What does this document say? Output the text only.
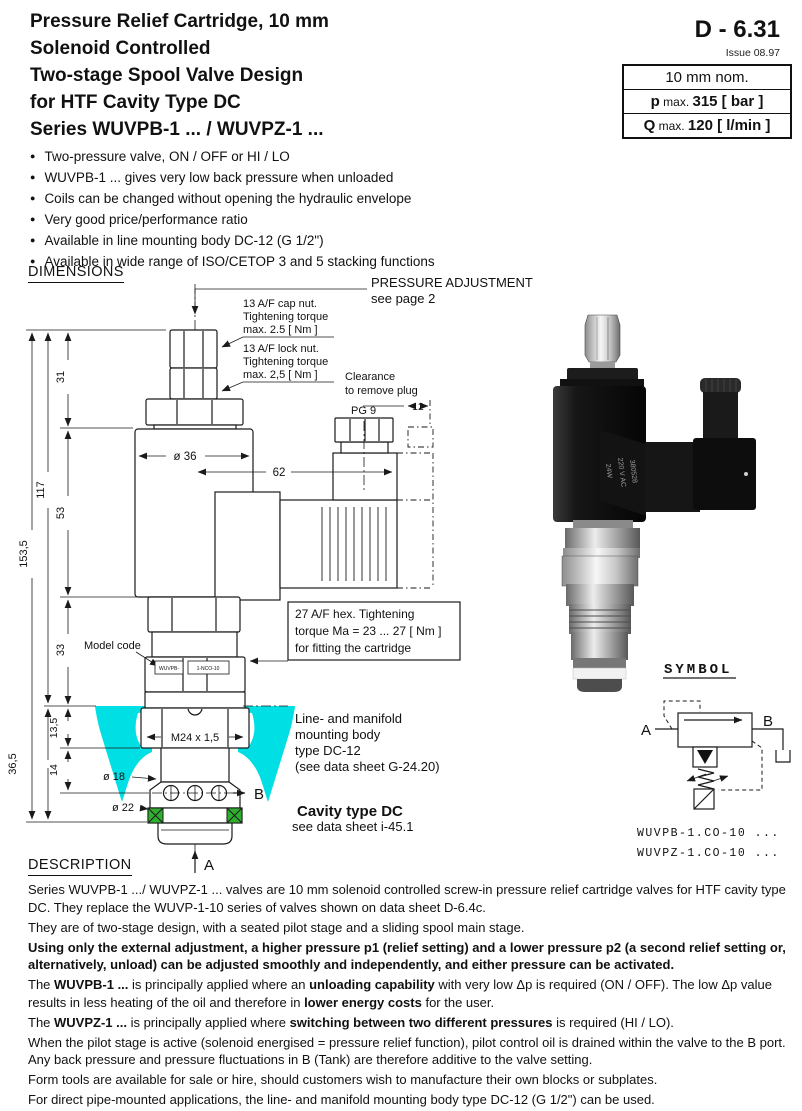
Pressure Relief Cartridge, 10 mm
Solenoid Controlled
Two-stage Spool Valve Design
for HTF Cavity Type DC
Series WUVPB-1 ... / WUVPZ-1 ...
D - 6.31
Issue 08.97
10 mm nom.
p max. 315 [ bar ]
Q max. 120 [ l/min ]
● Two-pressure valve, ON / OFF or HI / LO
● WUVPB-1 ... gives very low back pressure when unloaded
● Coils can be changed without opening the hydraulic envelope
● Very good price/performance ratio
● Available in line mounting body DC-12 (G 1/2")
● Available in wide range of ISO/CETOP 3 and 5 stacking functions
DIMENSIONS
PRESSURE ADJUSTMENT
see page 2
ø 36
62
12
PG 9
Clearance
to remove plug
13 A/F cap nut.
Tightening torque
max. 2.5 [ Nm ]
13 A/F lock nut.
Tightening torque
max. 2,5 [ Nm ]
153,5
117
36,5
31
53
33
13,5
14
27 A/F hex. Tightening
torque Ma = 23 ... 27 [ Nm ]
for fitting the cartridge
Model code
WUVPB-	1-NCO-10
M24 x 1,5
ø 18
ø 22
B
A
Line- and manifold
mounting body
type DC-12
(see data sheet G-24.20)
Cavity type DC
see data sheet i-45.1
380528
220 V AC
24W
SYMBOL
A
B
WUVPB-1.CO-10 ...
WUVPZ-1.CO-10 ...
DESCRIPTION

Series WUVPB-1 .../ WUVPZ-1 ... valves are 10 mm solenoid controlled screw-in pressure relief cartridge valves for HTF cavity type DC. They replace the WUVP-1-10 series of valves shown on data sheet D-6.4c.

They are of two-stage design, with a seated pilot stage and a sliding spool main stage.

Using only the external adjustment, a higher pressure p1 (relief setting) and a lower pressure p2 (a second relief setting or, alternatively, unload) can be adjusted smoothly and independently, and either pressure can be activated.

The WUVPB-1 ... is principally applied where an unloading capability with very low Δp is required (ON / OFF). The low Δp value results in less heating of the oil and therefore in lower energy costs for the user.

The WUVPZ-1 ... is principally applied where switching between two different pressures is required (HI / LO).

When the pilot stage is active (solenoid energised = pressure relief function), pilot control oil is drained within the valve to the B port. Any back pressure and pressure fluctuations in B (Tank) are therefore additive to the valve setting.

Form tools are available for sale or hire, should customers wish to manufacture their own blocks or subplates.

For direct pipe-mounted applications, the line- and manifold mounting body type DC-12 (G 1/2") can be used.
